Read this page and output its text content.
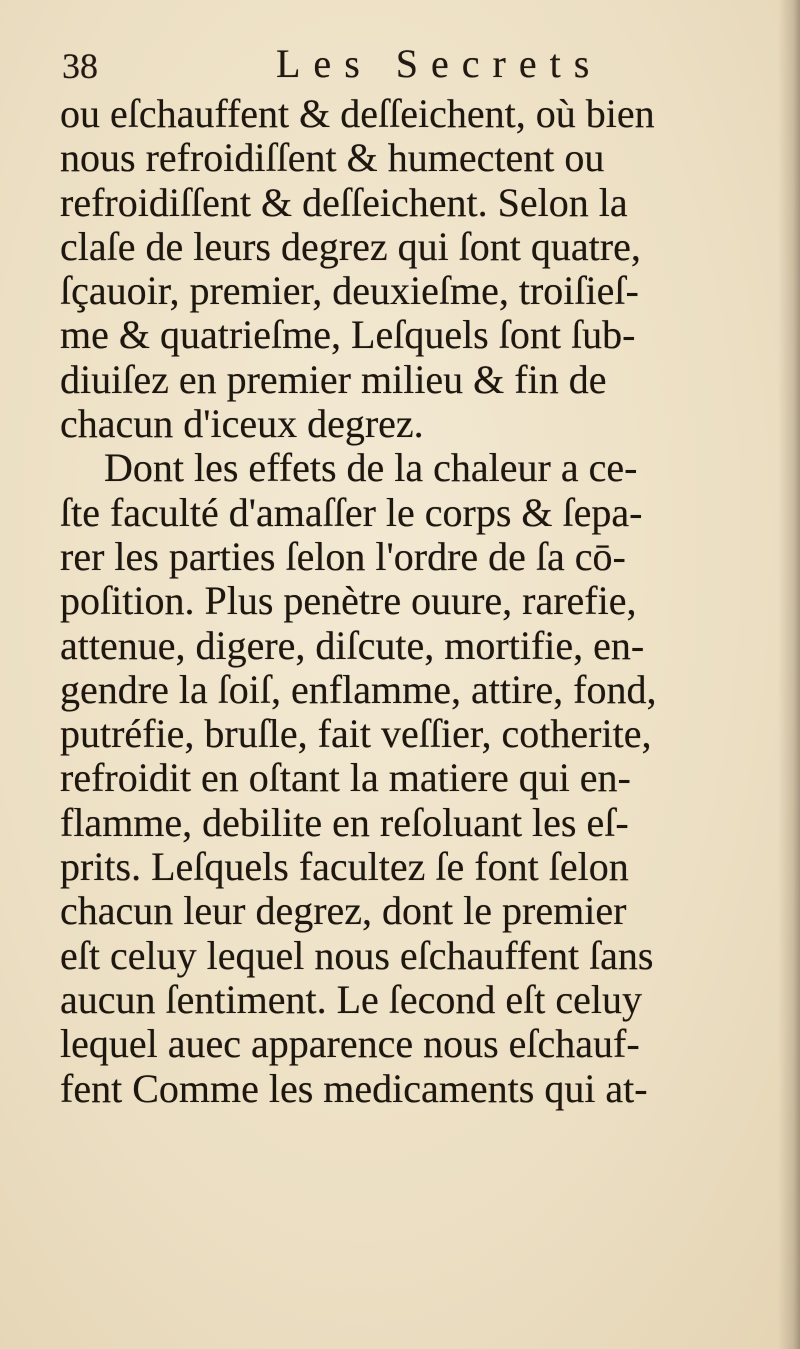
38	Les Secrets
ou eſchauffent & deſſeichent, où bien
nous refroidiſſent & humectent ou
refroidiſſent & deſſeichent. Selon la
claſe de leurs degrez qui ſont quatre,
ſçauoir, premier, deuxieſme, troiſieſ-
me & quatrieſme, Leſquels ſont ſub-
diuiſez en premier milieu & fin de
chacun d'iceux degrez.
Dont les effets de la chaleur a ce-
ſte faculté d'amaſſer le corps & ſepa-
rer les parties ſelon l'ordre de ſa cō-
poſition. Plus penètre ouure, rarefie,
attenue, digere, diſcute, mortifie, en-
gendre la ſoiſ, enflamme, attire, fond,
putréfie, bruſle, fait veſſier, cotherite,
refroidit en oſtant la matiere qui en-
flamme, debilite en reſoluant les eſ-
prits. Leſquels facultez ſe font ſelon
chacun leur degrez, dont le premier
eſt celuy lequel nous eſchauffent ſans
aucun ſentiment. Le ſecond eſt celuy
lequel auec apparence nous eſchauf-
fent Comme les medicaments qui at-
